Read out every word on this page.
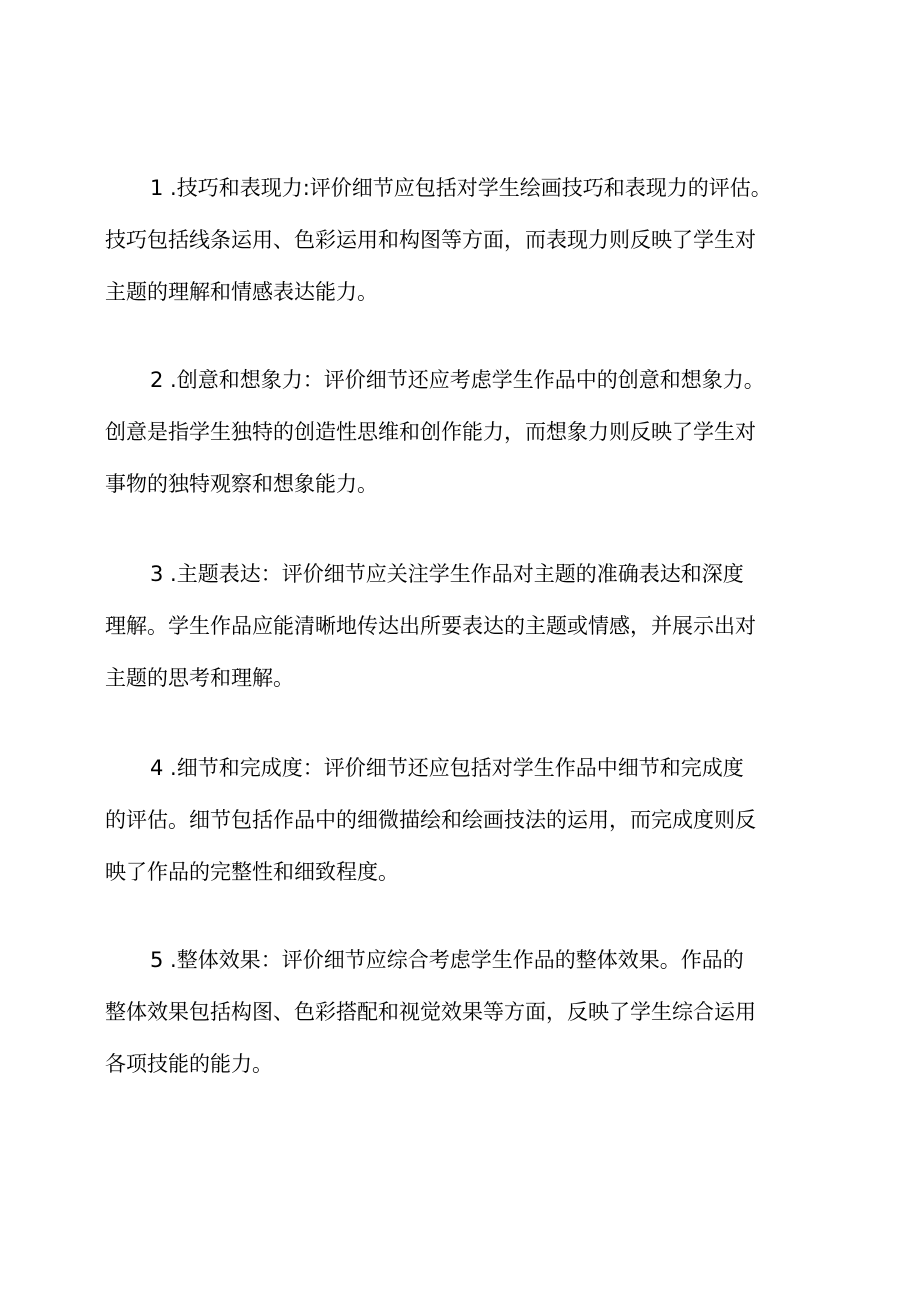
1 .技巧和表现力:评价细节应包括对学生绘画技巧和表现力的评估。
技巧包括线条运用、色彩运用和构图等方面，而表现力则反映了学生对
主题的理解和情感表达能力。

2 .创意和想象力：评价细节还应考虑学生作品中的创意和想象力。
创意是指学生独特的创造性思维和创作能力，而想象力则反映了学生对
事物的独特观察和想象能力。

3 .主题表达：评价细节应关注学生作品对主题的准确表达和深度
理解。学生作品应能清晰地传达出所要表达的主题或情感，并展示出对
主题的思考和理解。

4 .细节和完成度：评价细节还应包括对学生作品中细节和完成度
的评估。细节包括作品中的细微描绘和绘画技法的运用，而完成度则反
映了作品的完整性和细致程度。

5 .整体效果：评价细节应综合考虑学生作品的整体效果。作品的
整体效果包括构图、色彩搭配和视觉效果等方面，反映了学生综合运用
各项技能的能力。
